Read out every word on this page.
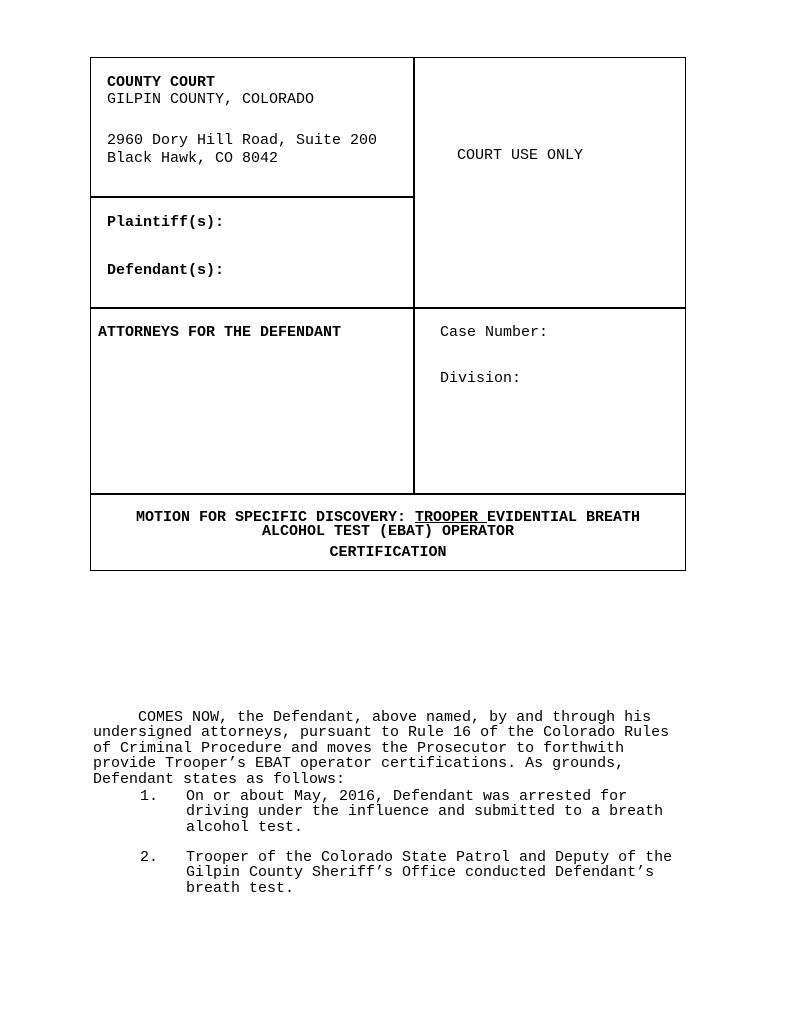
COUNTY COURT
GILPIN COUNTY, COLORADO
2960 Dory Hill Road, Suite 200
Black Hawk, CO 8042	COURT USE ONLY
Plaintiff(s):
Defendant(s):
ATTORNEYS FOR THE DEFENDANT	Case Number:
Division:
MOTION FOR SPECIFIC DISCOVERY: TROOPER EVIDENTIAL BREATH
ALCOHOL TEST (EBAT) OPERATOR
CERTIFICATION
COMES NOW, the Defendant, above named, by and through his
undersigned attorneys, pursuant to Rule 16 of the Colorado Rules
of Criminal Procedure and moves the Prosecutor to forthwith
provide Trooper’s EBAT operator certifications. As grounds,
Defendant states as follows:
1. On or about May, 2016, Defendant was arrested for
driving under the influence and submitted to a breath
alcohol test.
2. Trooper of the Colorado State Patrol and Deputy of the
Gilpin County Sheriff’s Office conducted Defendant’s
breath test.
